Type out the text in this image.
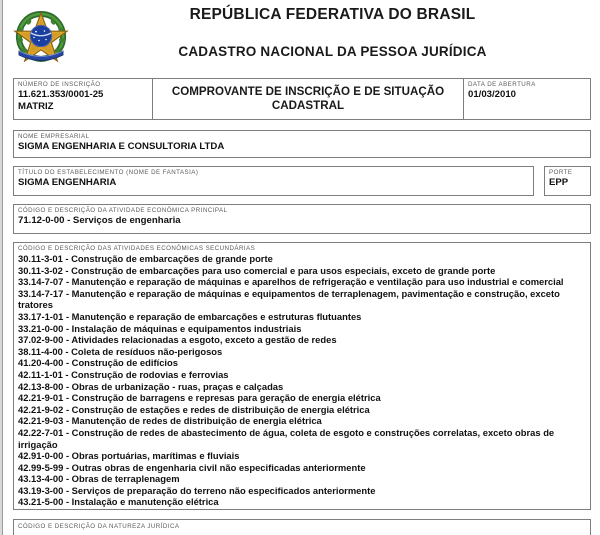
REPÚBLICA FEDERATIVA DO BRASIL
CADASTRO NACIONAL DA PESSOA JURÍDICA
NÚMERO DE INSCRIÇÃO
11.621.353/0001-25
MATRIZ
COMPROVANTE DE INSCRIÇÃO E DE SITUAÇÃO CADASTRAL
DATA DE ABERTURA
01/03/2010
NOME EMPRESARIAL
SIGMA ENGENHARIA E CONSULTORIA LTDA
TÍTULO DO ESTABELECIMENTO (NOME DE FANTASIA)
SIGMA ENGENHARIA
PORTE
EPP
CÓDIGO E DESCRIÇÃO DA ATIVIDADE ECONÔMICA PRINCIPAL
71.12-0-00 - Serviços de engenharia
CÓDIGO E DESCRIÇÃO DAS ATIVIDADES ECONÔMICAS SECUNDÁRIAS
30.11-3-01 - Construção de embarcações de grande porte
30.11-3-02 - Construção de embarcações para uso comercial e para usos especiais, exceto de grande porte
33.14-7-07 - Manutenção e reparação de máquinas e aparelhos de refrigeração e ventilação para uso industrial e comercial
33.14-7-17 - Manutenção e reparação de máquinas e equipamentos de terraplenagem, pavimentação e construção, exceto tratores
33.17-1-01 - Manutenção e reparação de embarcações e estruturas flutuantes
33.21-0-00 - Instalação de máquinas e equipamentos industriais
37.02-9-00 - Atividades relacionadas a esgoto, exceto a gestão de redes
38.11-4-00 - Coleta de resíduos não-perigosos
41.20-4-00 - Construção de edifícios
42.11-1-01 - Construção de rodovias e ferrovias
42.13-8-00 - Obras de urbanização - ruas, praças e calçadas
42.21-9-01 - Construção de barragens e represas para geração de energia elétrica
42.21-9-02 - Construção de estações e redes de distribuição de energia elétrica
42.21-9-03 - Manutenção de redes de distribuição de energia elétrica
42.22-7-01 - Construção de redes de abastecimento de água, coleta de esgoto e construções correlatas, exceto obras de irrigação
42.91-0-00 - Obras portuárias, marítimas e fluviais
42.99-5-99 - Outras obras de engenharia civil não especificadas anteriormente
43.13-4-00 - Obras de terraplenagem
43.19-3-00 - Serviços de preparação do terreno não especificados anteriormente
43.21-5-00 - Instalação e manutenção elétrica
CÓDIGO E DESCRIÇÃO DA NATUREZA JURÍDICA
